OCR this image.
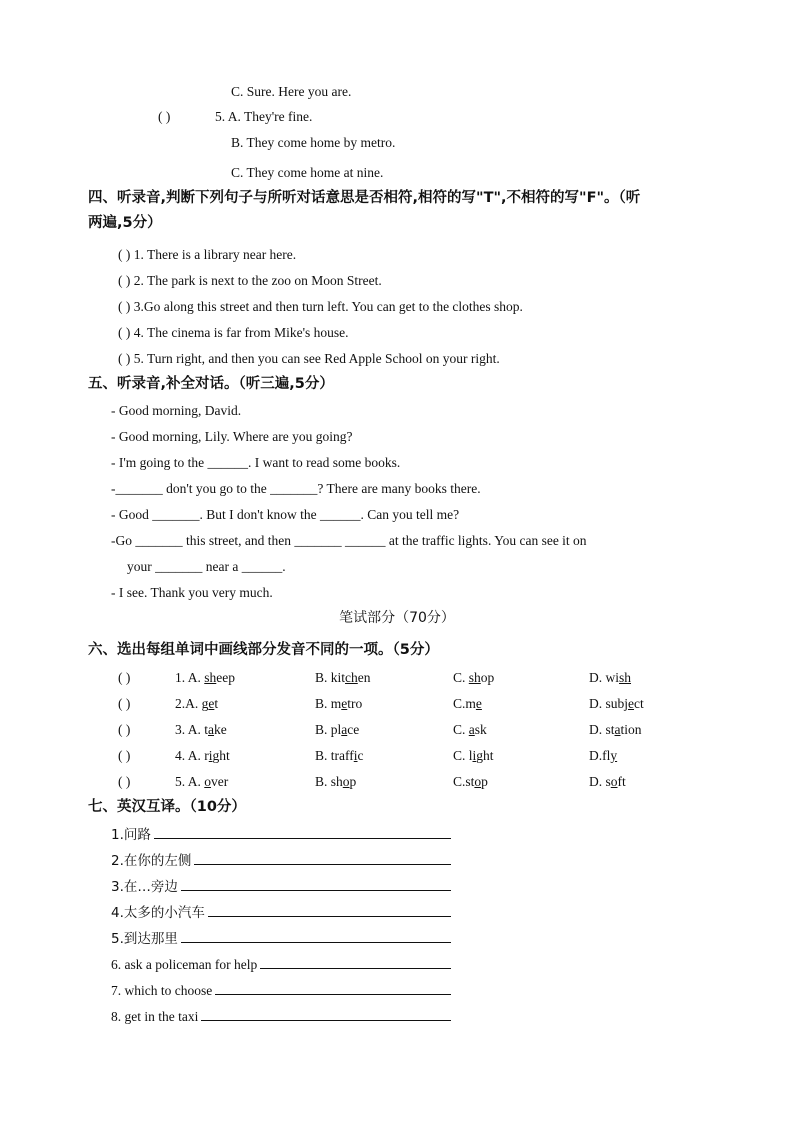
C. Sure. Here you are.
( )	5. A. They're fine.
B. They come home by metro.
C. They come home at nine.
四、听录音,判断下列句子与所听对话意思是否相符,相符的写"T",不相符的写"F"。（听
两遍,5分）
( ) 1. There is a library near here.
( ) 2. The park is next to the zoo on Moon Street.
( ) 3.Go along this street and then turn left. You can get to the clothes shop.
( ) 4. The cinema is far from Mike's house.
( ) 5. Turn right, and then you can see Red Apple School on your right.
五、听录音,补全对话。（听三遍,5分）
- Good morning, David.
- Good morning, Lily. Where are you going?
- I'm going to the ______. I want to read some books.
-_______ don't you go to the _______? There are many books there.
- Good _______. But I don't know the ______. Can you tell me?
-Go _______ this street, and then _______ ______ at the traffic lights. You can see it on
your _______ near a ______.
- I see. Thank you very much.
笔试部分（70分）
六、选出每组单词中画线部分发音不同的一项。（5分）
( )	1. A. sheep	B. kitchen	C. shop	D. wish
( )	2.A. get	B. metro	C.me	D. subject
( )	3. A. take	B. place	C. ask	D. station
( )	4. A. right	B. traffic	C. light	D.fly
( )	5. A. over	B. shop	C.stop	D. soft
七、英汉互译。（10分）
1.问路
2.在你的左侧
3.在…旁边
4.太多的小汽车
5.到达那里
6. ask a policeman for help
7. which to choose
8. get in the taxi
